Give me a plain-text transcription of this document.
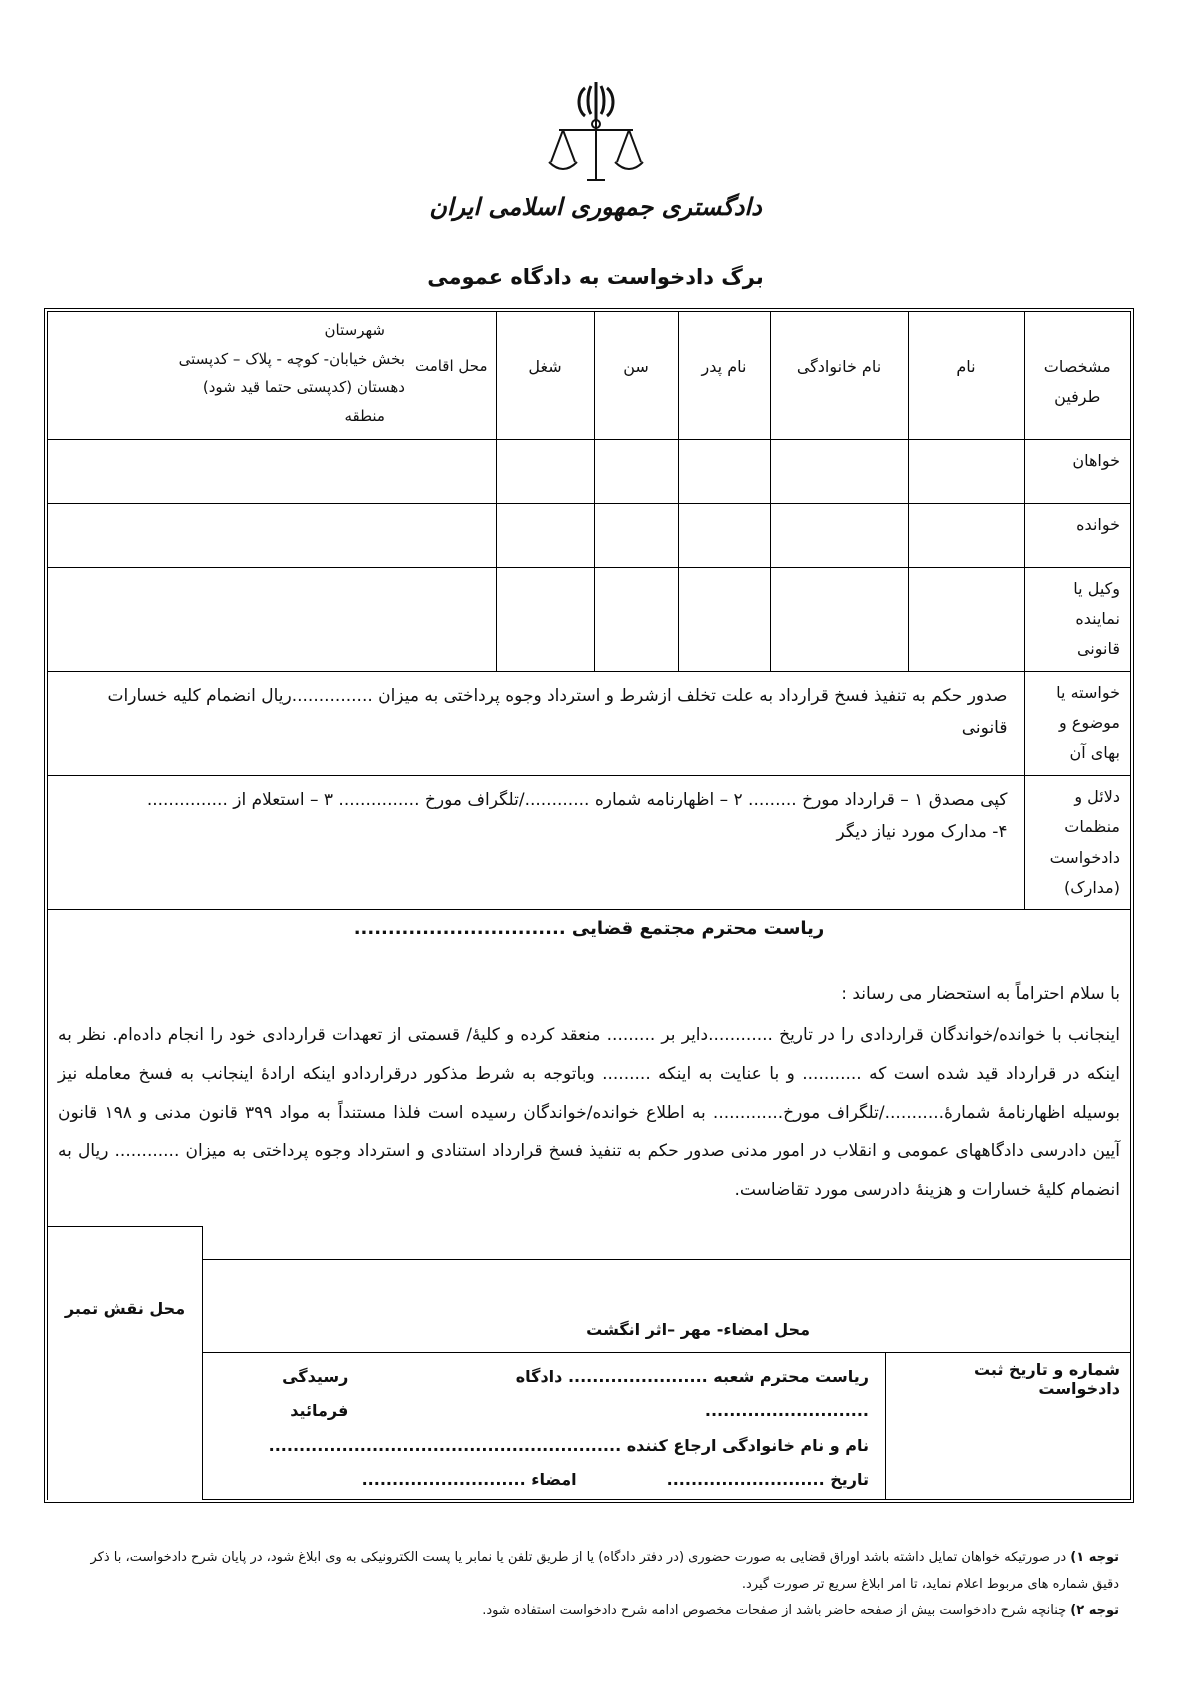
دادگستری جمهوری اسلامی ایران
برگ دادخواست به دادگاه عمومی
مشخصات طرفین	نام	نام خانوادگی	نام پدر	سن	شغل	محل اقامت
شهرستان
بخش خیابان- کوچه - پلاک – کدپستی
دهستان (کدپستی حتما قید شود)
منطقه

خواهان						
خوانده						
وکیل یا نماینده قانونی						
خواسته یا موضوع و بهای آن	صدور حکم به تنفیذ فسخ قرارداد به علت تخلف ازشرط و استرداد وجوه پرداختی به میزان ...............ریال انضمام کلیه خسارات قانونی					
دلائل و منظمات دادخواست (مدارک)	کپی مصدق ۱ – قرارداد مورخ ......... ۲ – اظهارنامه شماره ............/تلگراف مورخ ............... ۳ – استعلام از ...............
۴- مدارک مورد نیاز دیگر					
ریاست محترم مجتمع قضایی ...............................
با سلام احتراماً به استحضار می رساند :
اینجانب با خوانده/خواندگان قراردادی را در تاریخ ............دایر بر ......... منعقد کرده و کلیهٔ/ قسمتی از تعهدات قراردادی خود را انجام داده‌ام. نظر به اینکه در قرارداد قید شده است که ........... و با عنایت به اینکه ......... وباتوجه به شرط مذکور درقراردادو اینکه ارادهٔ اینجانب به فسخ معامله نیز بوسیله اظهارنامهٔ شمارهٔ.........../تلگراف مورخ............. به اطلاع خوانده/خواندگان رسیده است فلذا مستنداً به مواد ۳۹۹ قانون مدنی و ۱۹۸ قانون آیین دادرسی دادگاههای عمومی و انقلاب در امور مدنی صدور حکم به تنفیذ فسخ قرارداد استنادی و استرداد وجوه پرداختی به میزان ............ ریال به انضمام کلیهٔ خسارات و هزینهٔ دادرسی مورد تقاضاست.
محل نقش تمبر
محل امضاء- مهر –اثر انگشت
شماره و تاریخ ثبت دادخواست
ریاست محترم شعبه ....................... دادگاه ...........................
رسیدگی فرمائید
نام و نام خانوادگی ارجاع کننده ..........................................................
تاریخ ..........................
امضاء ...........................
توجه ۱) در صورتیکه خواهان تمایل داشته باشد اوراق قضایی به صورت حضوری (در دفتر دادگاه) یا از طریق تلفن یا نمابر یا پست الکترونیکی به وی ابلاغ شود، در پایان شرح دادخواست، با ذکر دقیق شماره های مربوط اعلام نماید، تا امر ابلاغ سریع تر صورت گیرد.
توجه ۲) چنانچه شرح دادخواست بیش از صفحه حاضر باشد از صفحات مخصوص ادامه شرح دادخواست استفاده شود.
